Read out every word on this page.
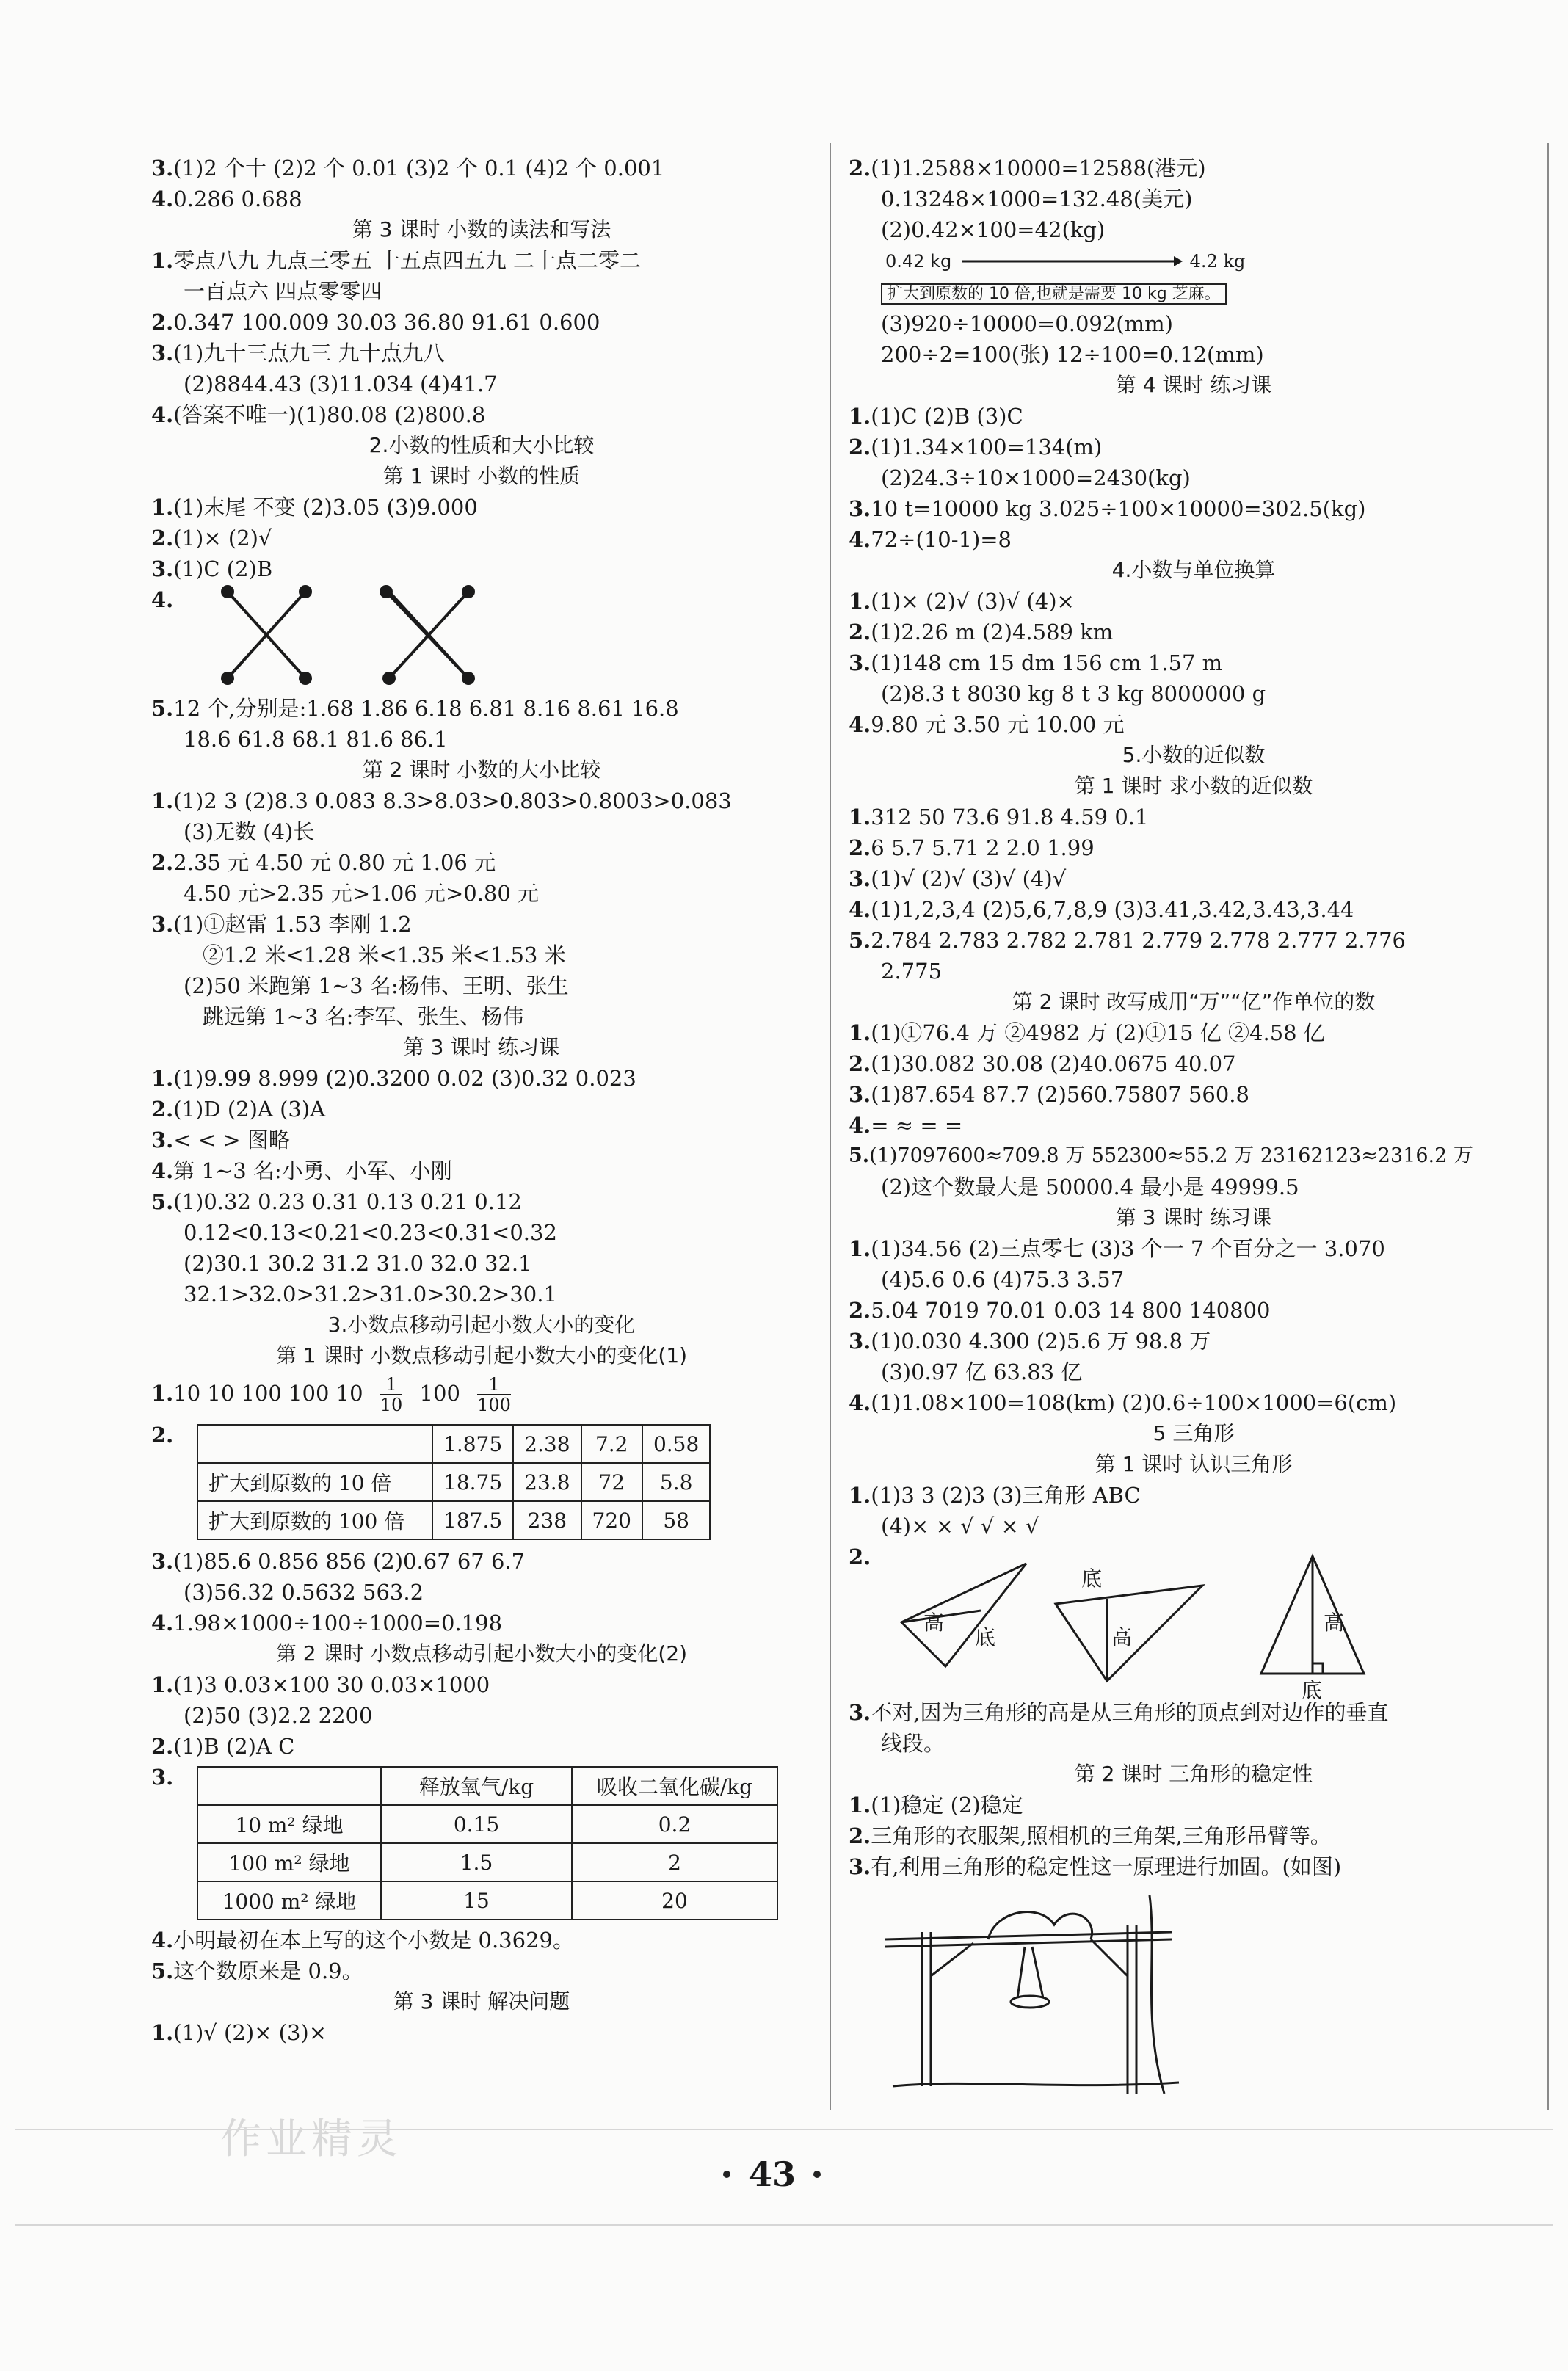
3.(1)2 个十 (2)2 个 0.01 (3)2 个 0.1 (4)2 个 0.001
4.0.286 0.688
第 3 课时 小数的读法和写法
1.零点八九 九点三零五 十五点四五九 二十点二零二
一百点六 四点零零四
2.0.347 100.009 30.03 36.80 91.61 0.600
3.(1)九十三点九三 九十点九八
(2)8844.43 (3)11.034 (4)41.7
4.(答案不唯一)(1)80.08 (2)800.8
2.小数的性质和大小比较
第 1 课时 小数的性质
1.(1)末尾 不变 (2)3.05 (3)9.000
2.(1)× (2)√
3.(1)C (2)B
4.
5.12 个,分别是:1.68 1.86 6.18 6.81 8.16 8.61 16.8
18.6 61.8 68.1 81.6 86.1
第 2 课时 小数的大小比较
1.(1)2 3 (2)8.3 0.083 8.3>8.03>0.803>0.8003>0.083
(3)无数 (4)长
2.2.35 元 4.50 元 0.80 元 1.06 元
4.50 元>2.35 元>1.06 元>0.80 元
3.(1)①赵雷 1.53 李刚 1.2
②1.2 米<1.28 米<1.35 米<1.53 米
(2)50 米跑第 1~3 名:杨伟、王明、张生
跳远第 1~3 名:李军、张生、杨伟
第 3 课时 练习课
1.(1)9.99 8.999 (2)0.3200 0.02 (3)0.32 0.023
2.(1)D (2)A (3)A
3.< < > 图略
4.第 1~3 名:小勇、小军、小刚
5.(1)0.32 0.23 0.31 0.13 0.21 0.12
0.12<0.13<0.21<0.23<0.31<0.32
(2)30.1 30.2 31.2 31.0 32.0 32.1
32.1>32.0>31.2>31.0>30.2>30.1
3.小数点移动引起小数大小的变化
第 1 课时 小数点移动引起小数大小的变化(1)
1.10 10 100 100 $10 \frac{1}{10} 100 \frac{1}{100}$
2.
		1.875	2.38	7.2	0.58
扩大到原数的 10 倍	18.75	23.8	72	5.8
扩大到原数的 100 倍	187.5	238	720	58
3.(1)85.6 0.856 856 (2)0.67 67 6.7
(3)56.32 0.5632 563.2
4.1.98×1000÷100÷1000=0.198
第 2 课时 小数点移动引起小数大小的变化(2)
1.(1)3 0.03×100 30 0.03×1000
(2)50 (3)2.2 2200
2.(1)B (2)A C
3.
		释放氧气/kg	吸收二氧化碳/kg
10 m² 绿地	0.15	0.2
100 m² 绿地	1.5	2
1000 m² 绿地	15	20
4.小明最初在本上写的这个小数是 0.3629。
5.这个数原来是 0.9。
第 3 课时 解决问题
1.(1)√ (2)× (3)×
2.(1)1.2588×10000=12588(港元)
0.13248×1000=132.48(美元)
(2)0.42×100=42(kg)
0.42 kg	4.2 kg
扩大到原数的 10 倍,也就是需要 10 kg 芝麻。
(3)920÷10000=0.092(mm)
200÷2=100(张) 12÷100=0.12(mm)
第 4 课时 练习课
1.(1)C (2)B (3)C
2.(1)1.34×100=134(m)
(2)24.3÷10×1000=2430(kg)
3.10 t=10000 kg 3.025÷100×10000=302.5(kg)
4.72÷(10-1)=8
4.小数与单位换算
1.(1)× (2)√ (3)√ (4)×
2.(1)2.26 m (2)4.589 km
3.(1)148 cm 15 dm 156 cm 1.57 m
(2)8.3 t 8030 kg 8 t 3 kg 8000000 g
4.9.80 元 3.50 元 10.00 元
5.小数的近似数
第 1 课时 求小数的近似数
1.312 50 73.6 91.8 4.59 0.1
2.6 5.7 5.71 2 2.0 1.99
3.(1)√ (2)√ (3)√ (4)√
4.(1)1,2,3,4 (2)5,6,7,8,9 (3)3.41,3.42,3.43,3.44
5.2.784 2.783 2.782 2.781 2.779 2.778 2.777 2.776
2.775
第 2 课时 改写成用“万”“亿”作单位的数
1.(1)①76.4 万 ②4982 万 (2)①15 亿 ②4.58 亿
2.(1)30.082 30.08 (2)40.0675 40.07
3.(1)87.654 87.7 (2)560.75807 560.8
4.= ≈ = =
5.(1)7097600≈709.8 万 552300≈55.2 万 23162123≈2316.2 万
(2)这个数最大是 50000.4 最小是 49999.5
第 3 课时 练习课
1.(1)34.56 (2)三点零七 (3)3 个一 7 个百分之一 3.070
(4)5.6 0.6 (4)75.3 3.57
2.5.04 7019 70.01 0.03 14 800 140800
3.(1)0.030 4.300 (2)5.6 万 98.8 万
(3)0.97 亿 63.83 亿
4.(1)1.08×100=108(km) (2)0.6÷100×1000=6(cm)
5 三角形
第 1 课时 认识三角形
1.(1)3 3 (2)3 (3)三角形 ABC
(4)× × √ √ × √
2.
高
底
底
高
高
底
3.不对,因为三角形的高是从三角形的顶点到对边作的垂直
线段。
第 2 课时 三角形的稳定性
1.(1)稳定 (2)稳定
2.三角形的衣服架,照相机的三角架,三角形吊臂等。
3.有,利用三角形的稳定性这一原理进行加固。(如图)
43
作业精灵
